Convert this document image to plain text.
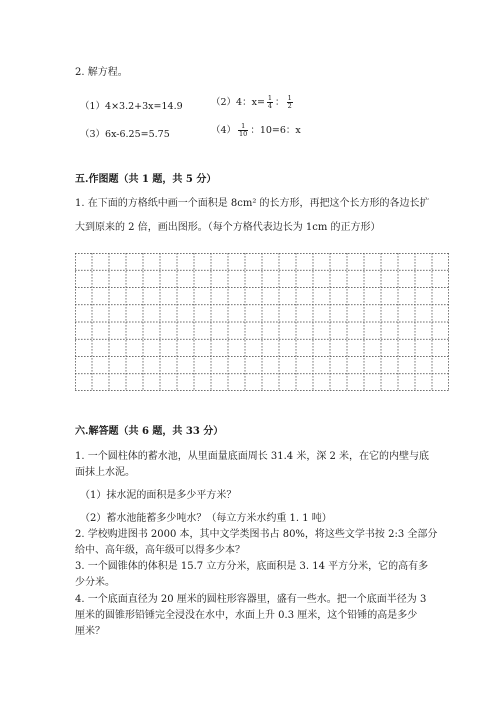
2. 解方程。
（1）4×3.2+3x=14.9	（2）4：$x= \frac{1}{4}$ ： $\frac{1}{2}$
（3）6x-6.25=5.75	$(4) \frac{1}{10}$ ：10=6：x
五.作图题（共 1 题，共 5 分）
1. 在下面的方格纸中画一个面积是 8cm² 的长方形，再把这个长方形的各边长扩
大到原来的 2 倍，画出图形。（每个方格代表边长为 1cm 的正方形）
六.解答题（共 6 题，共 33 分）
1. 一个圆柱体的蓄水池，从里面量底面周长 31.4 米，深 2 米，在它的内壁与底
面抹上水泥。
（1）抹水泥的面积是多少平方米？
（2）蓄水池能蓄多少吨水？（每立方米水约重 1. 1 吨）
2. 学校购进图书 2000 本，其中文学类图书占 80%，将这些文学书按 2:3 全部分
给中、高年级，高年级可以得多少本？
3. 一个圆锥体的体积是 15.7 立方分米，底面积是 3. 14 平方分米，它的高有多
少分米。
4. 一个底面直径为 20 厘米的圆柱形容器里，盛有一些水。把一个底面半径为 3
厘米的圆锥形铅锤完全浸没在水中，水面上升 0.3 厘米，这个铅锤的高是多少
厘米？
